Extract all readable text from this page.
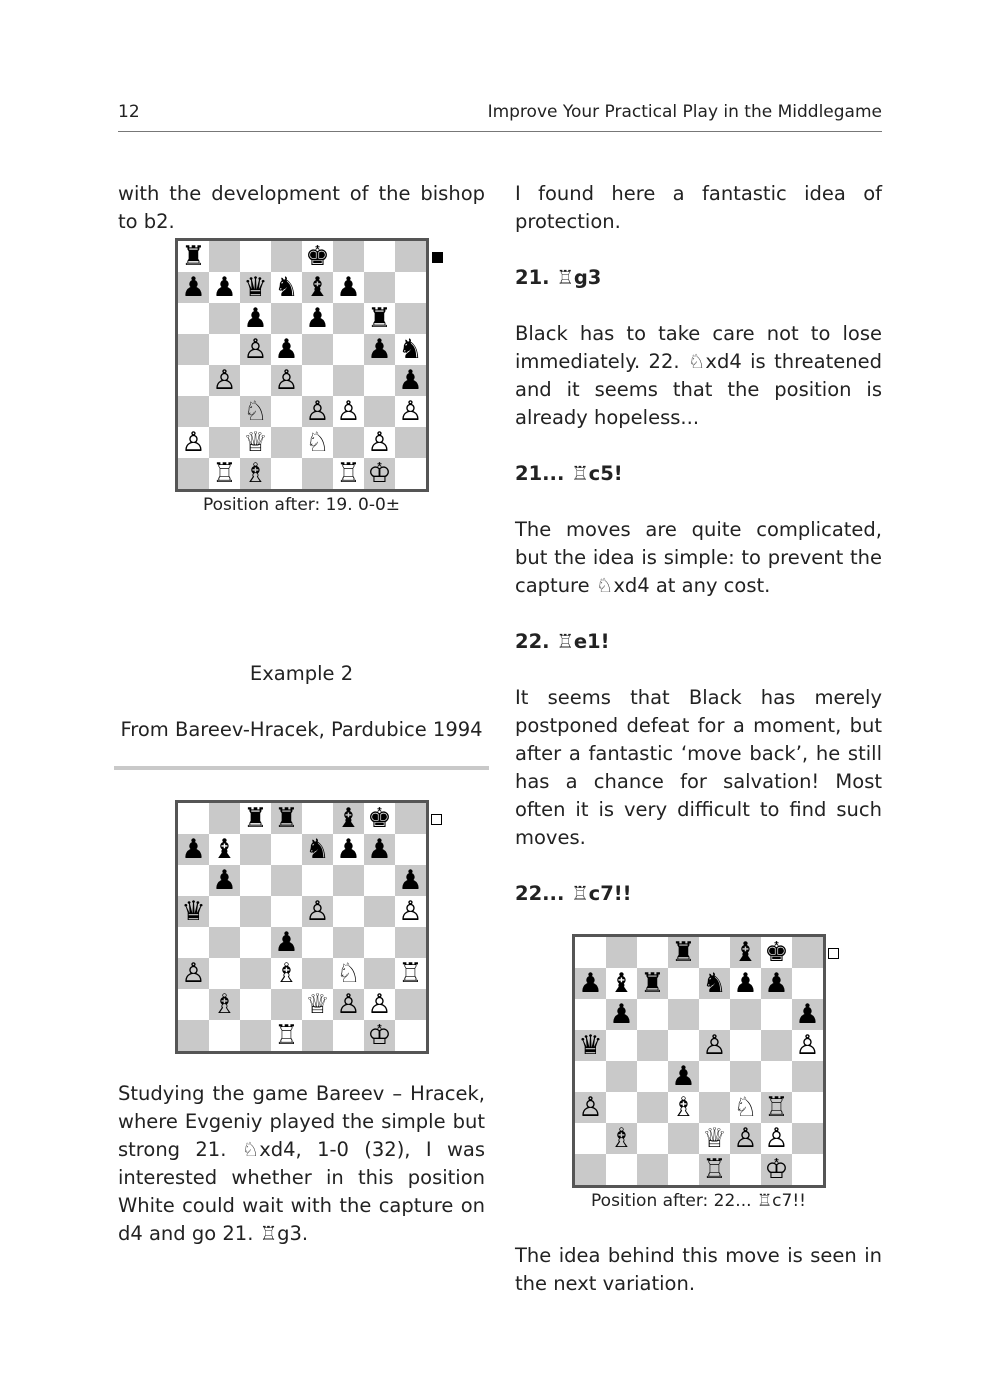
12	Improve Your Practical Play in the Middlegame

with the development of the bishop to b2.

♜	♚
♟ ♟ ♛ ♞ ♝ ♟
♟ ♟ ♜
♙ ♟	♟ ♞
♙ ♙	♟
♘ ♙ ♙ ♙
♙ ♕ ♘ ♙
♖ ♗	♖ ♔

Position after: 19. 0-0±

Example 2

From Bareev-Hracek, Pardubice 1994

♜ ♜ ♝ ♚
♟ ♝	♞ ♟ ♟
♟	♟
♛	♙	♙
♟
♙	♗ ♘ ♖
♗	♕ ♙ ♙
♖	♔

Studying the game Bareev – Hracek, where Evgeniy played the simple but strong 21. ♘xd4, 1-0 (32), I was interested whether in this position White could wait with the capture on d4 and go 21. ♖g3.

I found here a fantastic idea of protection.

21. ♖g3

Black has to take care not to lose immediately. 22. ♘xd4 is threatened and it seems that the position is already hopeless...

21... ♖c5!

The moves are quite complicated, but the idea is simple: to prevent the capture ♘xd4 at any cost.

22. ♖e1!

It seems that Black has merely postponed defeat for a moment, but after a fantastic ‘move back’, he still has a chance for salvation! Most often it is very difficult to find such moves.

22... ♖c7!!

♜ ♝ ♚
♟ ♝ ♜ ♞ ♟ ♟
♟	♟
♛	♙	♙
♟
♙	♗ ♘ ♖
♗	♕ ♙ ♙
♖ ♔

Position after: 22... ♖c7!!

The idea behind this move is seen in the next variation.
